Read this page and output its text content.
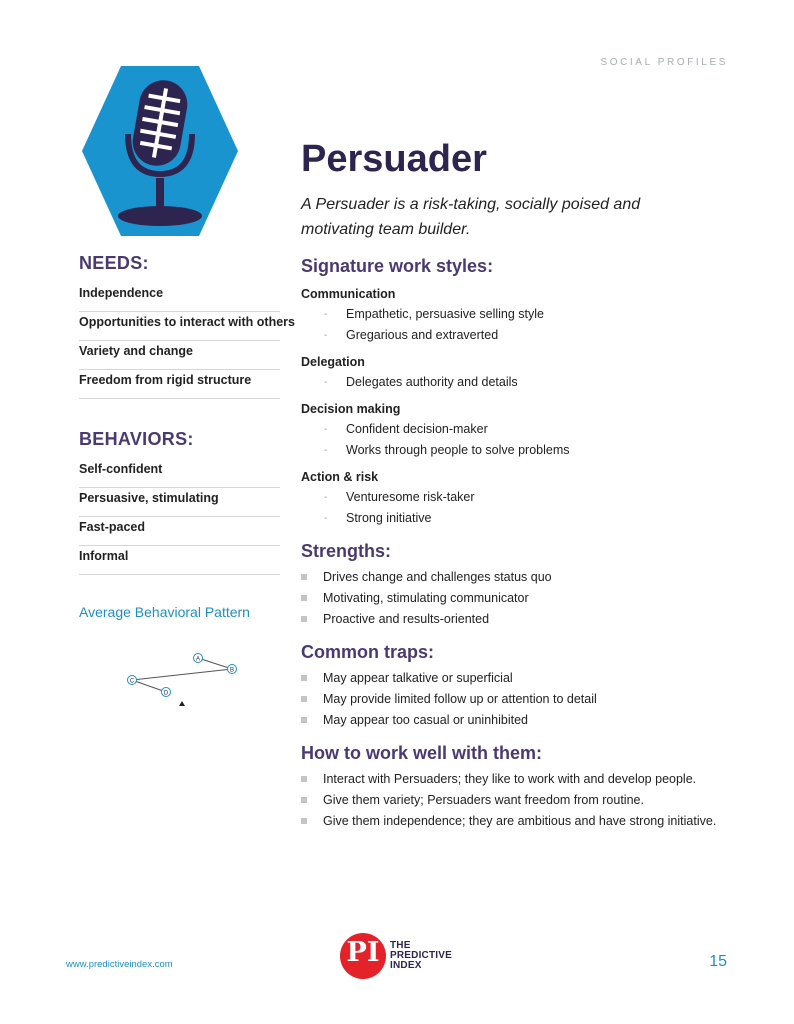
SOCIAL PROFILES
NEEDS:
Independence
Opportunities to interact with others
Variety and change
Freedom from rigid structure
BEHAVIORS:
Self-confident
Persuasive, stimulating
Fast-paced
Informal
Average Behavioral Pattern
A
B
C
D
Persuader
A Persuader is a risk-taking, socially poised and motivating team builder.
Signature work styles:
Communication
- Empathetic, persuasive selling style
- Gregarious and extraverted
Delegation
- Delegates authority and details
Decision making
- Confident decision-maker
- Works through people to solve problems
Action & risk
- Venturesome risk-taker
- Strong initiative
Strengths:
Drives change and challenges status quo
Motivating, stimulating communicator
Proactive and results-oriented
Common traps:
May appear talkative or superficial
May provide limited follow up or attention to detail
May appear too casual or uninhibited
How to work well with them:
Interact with Persuaders; they like to work with and develop people.
Give them variety; Persuaders want freedom from routine.
Give them independence; they are ambitious and have strong initiative.
www.predictiveindex.com	PI	THE
PREDICTIVE
INDEX	15
